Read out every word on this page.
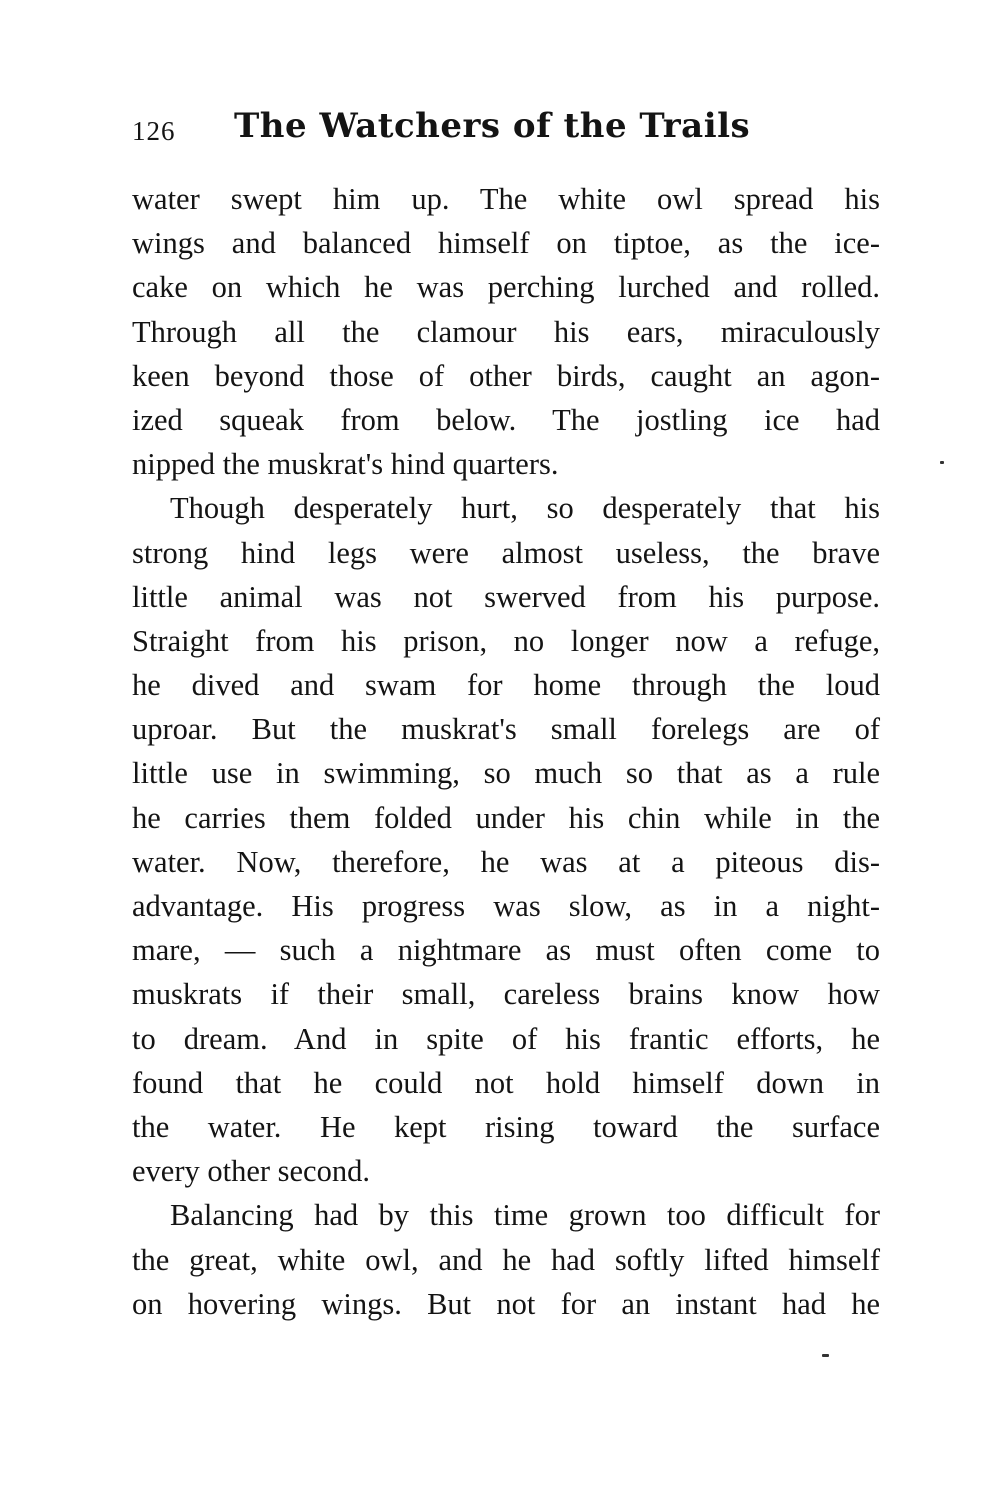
126 The Watchers of the Trails
water swept him up. The white owl spread his
wings and balanced himself on tiptoe, as the ice-
cake on which he was perching lurched and rolled.
Through all the clamour his ears, miraculously
keen beyond those of other birds, caught an agon-
ized squeak from below. The jostling ice had
nipped the muskrat's hind quarters.
Though desperately hurt, so desperately that his
strong hind legs were almost useless, the brave
little animal was not swerved from his purpose.
Straight from his prison, no longer now a refuge,
he dived and swam for home through the loud
uproar. But the muskrat's small forelegs are of
little use in swimming, so much so that as a rule
he carries them folded under his chin while in the
water. Now, therefore, he was at a piteous dis-
advantage. His progress was slow, as in a night-
mare, — such a nightmare as must often come to
muskrats if their small, careless brains know how
to dream. And in spite of his frantic efforts, he
found that he could not hold himself down in
the water. He kept rising toward the surface
every other second.
Balancing had by this time grown too difficult for
the great, white owl, and he had softly lifted himself
on hovering wings. But not for an instant had he
